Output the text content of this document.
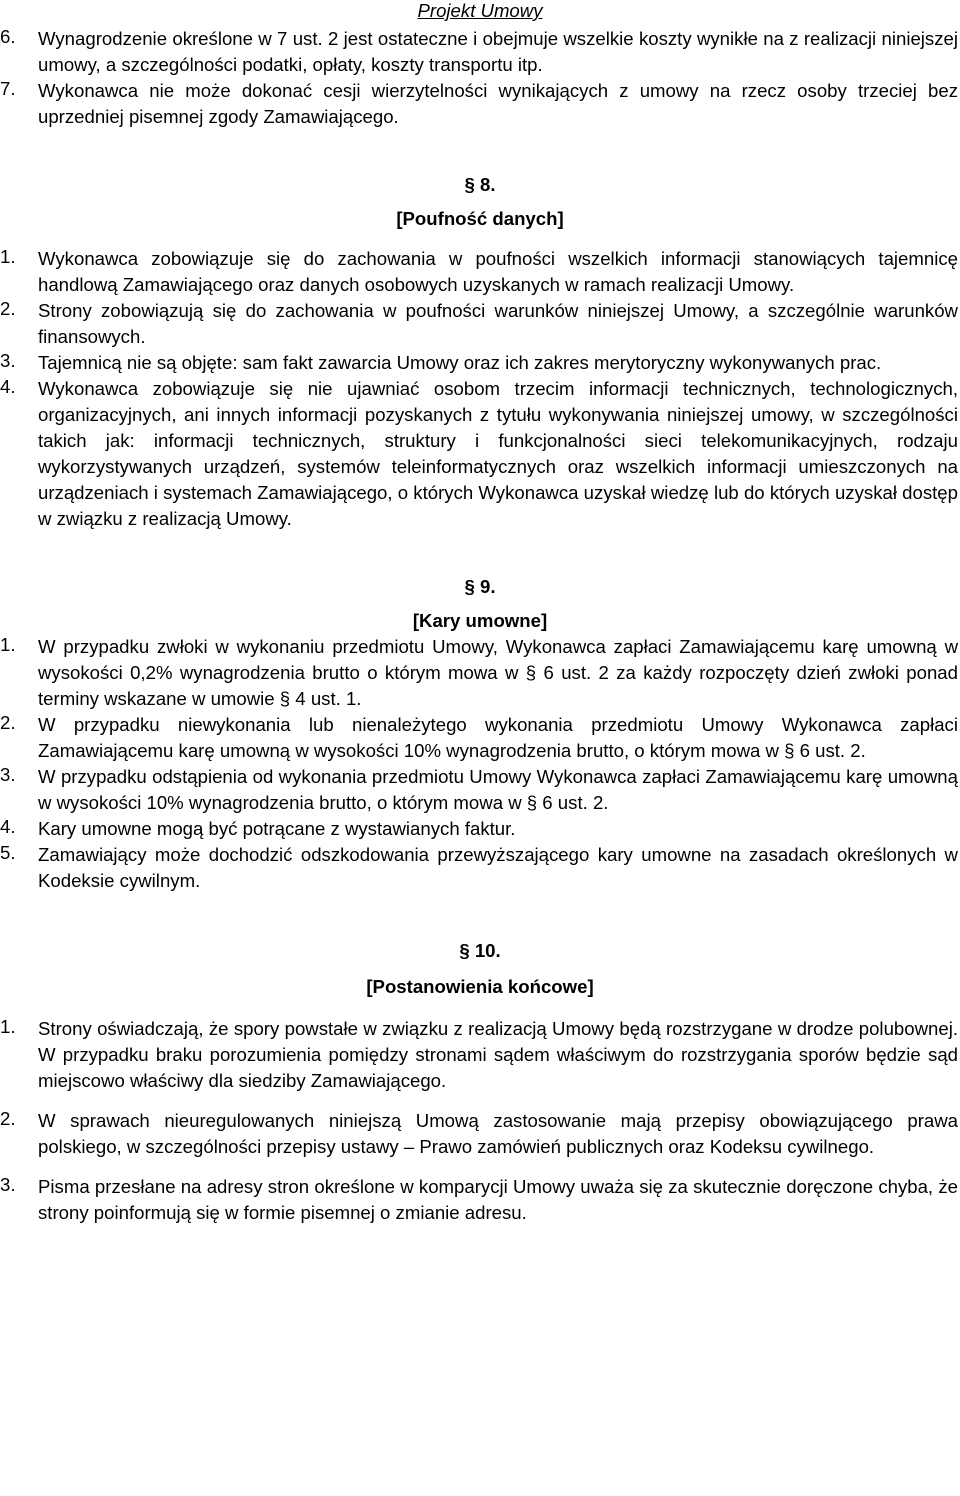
Projekt Umowy
6.	Wynagrodzenie określone w 7 ust. 2 jest ostateczne i obejmuje wszelkie koszty wynikłe na z realizacji niniejszej umowy, a szczególności podatki, opłaty, koszty transportu itp.
7.	Wykonawca nie może dokonać cesji wierzytelności wynikających z umowy na rzecz osoby trzeciej bez uprzedniej pisemnej zgody Zamawiającego.
§ 8.
[Poufność danych]
1.	Wykonawca zobowiązuje się do zachowania w poufności wszelkich informacji stanowiących tajemnicę handlową Zamawiającego oraz danych osobowych uzyskanych w ramach realizacji Umowy.
2.	Strony zobowiązują się do zachowania w poufności warunków niniejszej Umowy, a szczególnie warunków finansowych.
3.	Tajemnicą nie są objęte: sam fakt zawarcia Umowy oraz ich zakres merytoryczny wykonywanych prac.
4.	Wykonawca zobowiązuje się nie ujawniać osobom trzecim informacji technicznych, technologicznych, organizacyjnych, ani innych informacji pozyskanych z tytułu wykonywania niniejszej umowy, w szczególności takich jak: informacji technicznych, struktury i funkcjonalności sieci telekomunikacyjnych, rodzaju wykorzystywanych urządzeń, systemów teleinformatycznych oraz wszelkich informacji umieszczonych na urządzeniach i systemach Zamawiającego, o których Wykonawca uzyskał wiedzę lub do których uzyskał dostęp w związku z realizacją Umowy.
§ 9.
[Kary umowne]
1.	W przypadku zwłoki w wykonaniu przedmiotu Umowy, Wykonawca zapłaci Zamawiającemu karę umowną w wysokości 0,2% wynagrodzenia brutto o którym mowa w § 6 ust. 2 za każdy rozpoczęty dzień zwłoki ponad terminy wskazane w umowie § 4 ust. 1.
2.	W przypadku niewykonania lub nienależytego wykonania przedmiotu Umowy Wykonawca zapłaci Zamawiającemu karę umowną w wysokości 10% wynagrodzenia brutto, o którym mowa w § 6 ust. 2.
3.	W przypadku odstąpienia od wykonania przedmiotu Umowy Wykonawca zapłaci Zamawiającemu karę umowną w wysokości 10% wynagrodzenia brutto, o którym mowa w § 6 ust. 2.
4.	Kary umowne mogą być potrącane z wystawianych faktur.
5.	Zamawiający może dochodzić odszkodowania przewyższającego kary umowne na zasadach określonych w Kodeksie cywilnym.
§ 10.
[Postanowienia końcowe]
1.	Strony oświadczają, że spory powstałe w związku z realizacją Umowy będą rozstrzygane w drodze polubownej. W przypadku braku porozumienia pomiędzy stronami sądem właściwym do rozstrzygania sporów będzie sąd miejscowo właściwy dla siedziby Zamawiającego.
2.	W sprawach nieuregulowanych niniejszą Umową zastosowanie mają przepisy obowiązującego prawa polskiego, w szczególności przepisy ustawy – Prawo zamówień publicznych oraz Kodeksu cywilnego.
3.	Pisma przesłane na adresy stron określone w komparycji Umowy uważa się za skutecznie doręczone chyba, że strony poinformują się w formie pisemnej o zmianie adresu.
